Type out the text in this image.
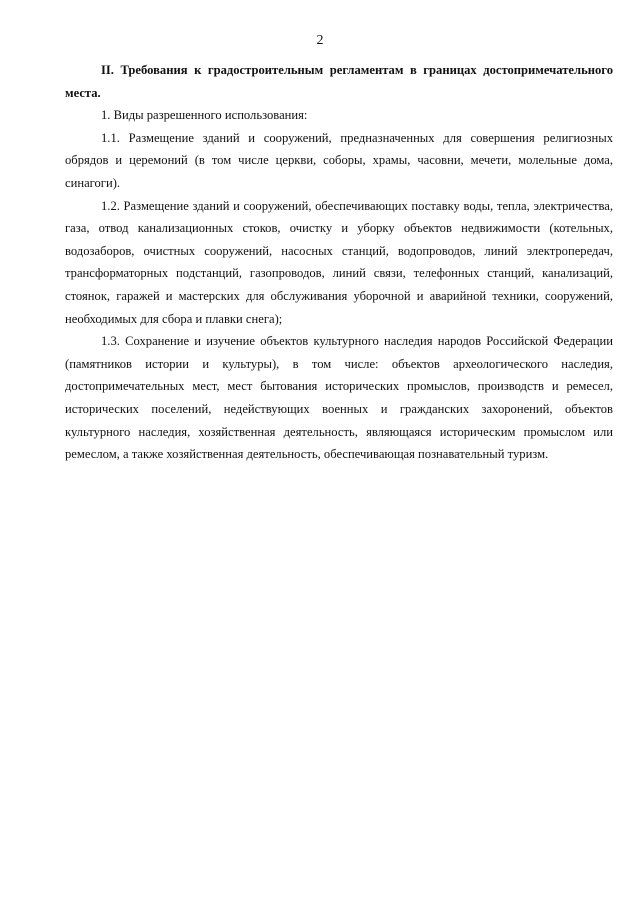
2

II. Требования к градостроительным регламентам в границах достопримечательного места.

1. Виды разрешенного использования:

1.1. Размещение зданий и сооружений, предназначенных для совершения религиозных обрядов и церемоний (в том числе церкви, соборы, храмы, часовни, мечети, молельные дома, синагоги).

1.2. Размещение зданий и сооружений, обеспечивающих поставку воды, тепла, электричества, газа, отвод канализационных стоков, очистку и уборку объектов недвижимости (котельных, водозаборов, очистных сооружений, насосных станций, водопроводов, линий электропередач, трансформаторных подстанций, газопроводов, линий связи, телефонных станций, канализаций, стоянок, гаражей и мастерских для обслуживания уборочной и аварийной техники, сооружений, необходимых для сбора и плавки снега);

1.3. Сохранение и изучение объектов культурного наследия народов Российской Федерации (памятников истории и культуры), в том числе: объектов археологического наследия, достопримечательных мест, мест бытования исторических промыслов, производств и ремесел, исторических поселений, недействующих военных и гражданских захоронений, объектов культурного наследия, хозяйственная деятельность, являющаяся историческим промыслом или ремеслом, а также хозяйственная деятельность, обеспечивающая познавательный туризм.
